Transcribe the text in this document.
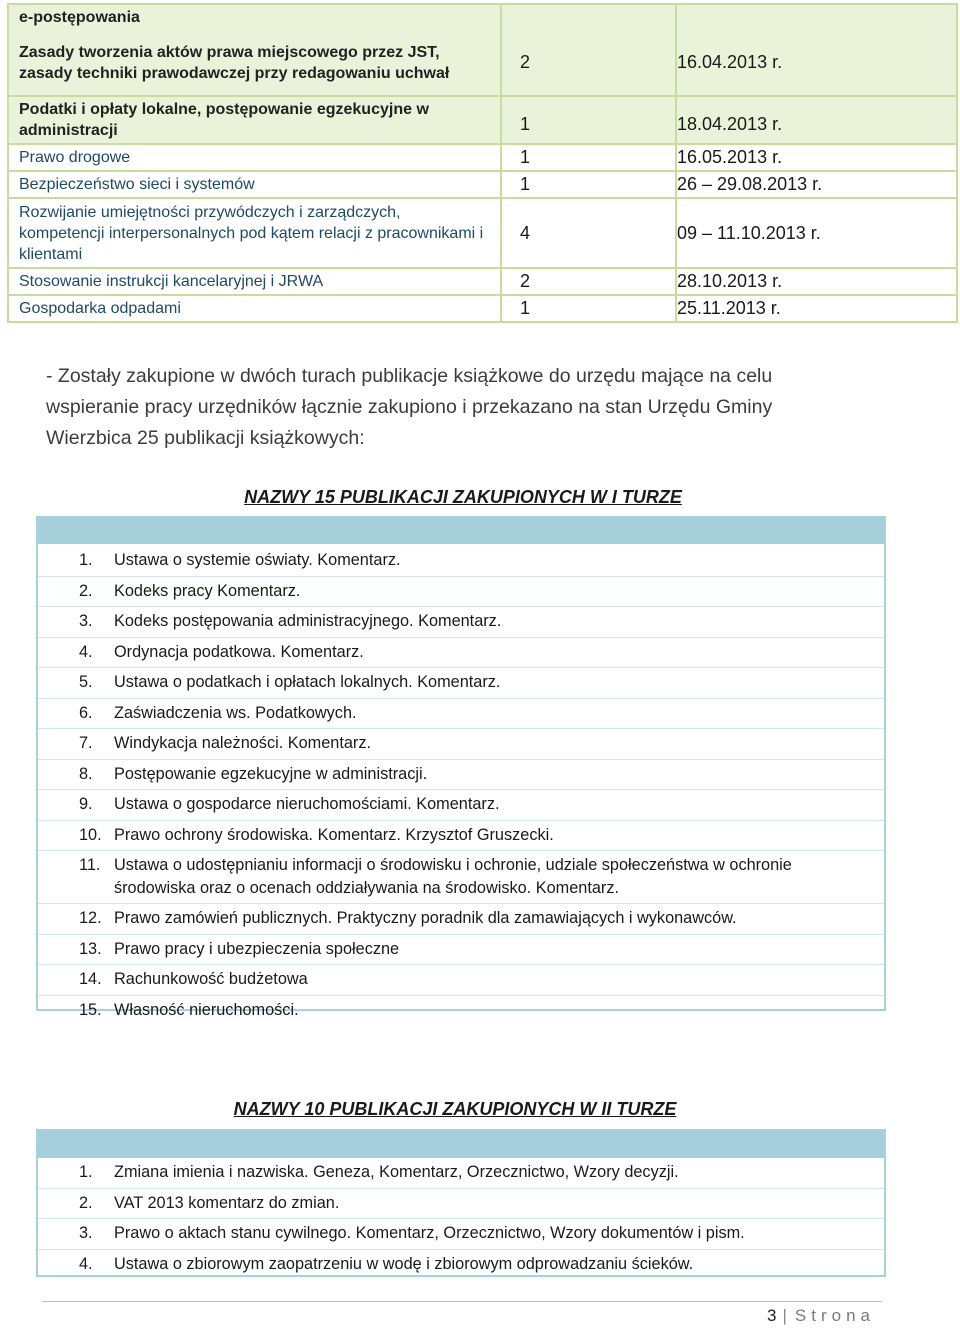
e-postępowania		
Zasady tworzenia aktów prawa miejscowego przez JST, zasady techniki prawodawczej przy redagowaniu uchwał	2	16.04.2013 r.
Podatki i opłaty lokalne, postępowanie egzekucyjne w administracji	1	18.04.2013 r.
Prawo drogowe	1	16.05.2013 r.
Bezpieczeństwo sieci i systemów	1	26 – 29.08.2013 r.
Rozwijanie umiejętności przywódczych i zarządczych, kompetencji interpersonalnych pod kątem relacji z pracownikami i klientami	4	09 – 11.10.2013 r.
Stosowanie instrukcji kancelaryjnej i JRWA	2	28.10.2013 r.
Gospodarka odpadami	1	25.11.2013 r.
- Zostały zakupione w dwóch turach publikacje książkowe do urzędu mające na celu wspieranie pracy urzędników łącznie zakupiono i przekazano na stan Urzędu Gminy Wierzbica 25 publikacji książkowych:
NAZWY 15 PUBLIKACJI ZAKUPIONYCH W I TURZE
1. Ustawa o systemie oświaty. Komentarz.
2. Kodeks pracy Komentarz.
3. Kodeks postępowania administracyjnego. Komentarz.
4. Ordynacja podatkowa. Komentarz.
5. Ustawa o podatkach i opłatach lokalnych. Komentarz.
6. Zaświadczenia ws. Podatkowych.
7. Windykacja należności. Komentarz.
8. Postępowanie egzekucyjne w administracji.
9. Ustawa o gospodarce nieruchomościami. Komentarz.
10. Prawo ochrony środowiska. Komentarz. Krzysztof Gruszecki.
11. Ustawa o udostępnianiu informacji o środowisku i ochronie, udziale społeczeństwa w ochronie środowiska oraz o ocenach oddziaływania na środowisko. Komentarz.
12. Prawo zamówień publicznych. Praktyczny poradnik dla zamawiających i wykonawców.
13. Prawo pracy i ubezpieczenia społeczne
14. Rachunkowość budżetowa
15. Własność nieruchomości.
NAZWY 10 PUBLIKACJI ZAKUPIONYCH W II TURZE
1. Zmiana imienia i nazwiska. Geneza, Komentarz, Orzecznictwo, Wzory decyzji.
2. VAT 2013 komentarz do zmian.
3. Prawo o aktach stanu cywilnego. Komentarz, Orzecznictwo, Wzory dokumentów i pism.
4. Ustawa o zbiorowym zaopatrzeniu w wodę i zbiorowym odprowadzaniu ścieków.
3 | Strona
